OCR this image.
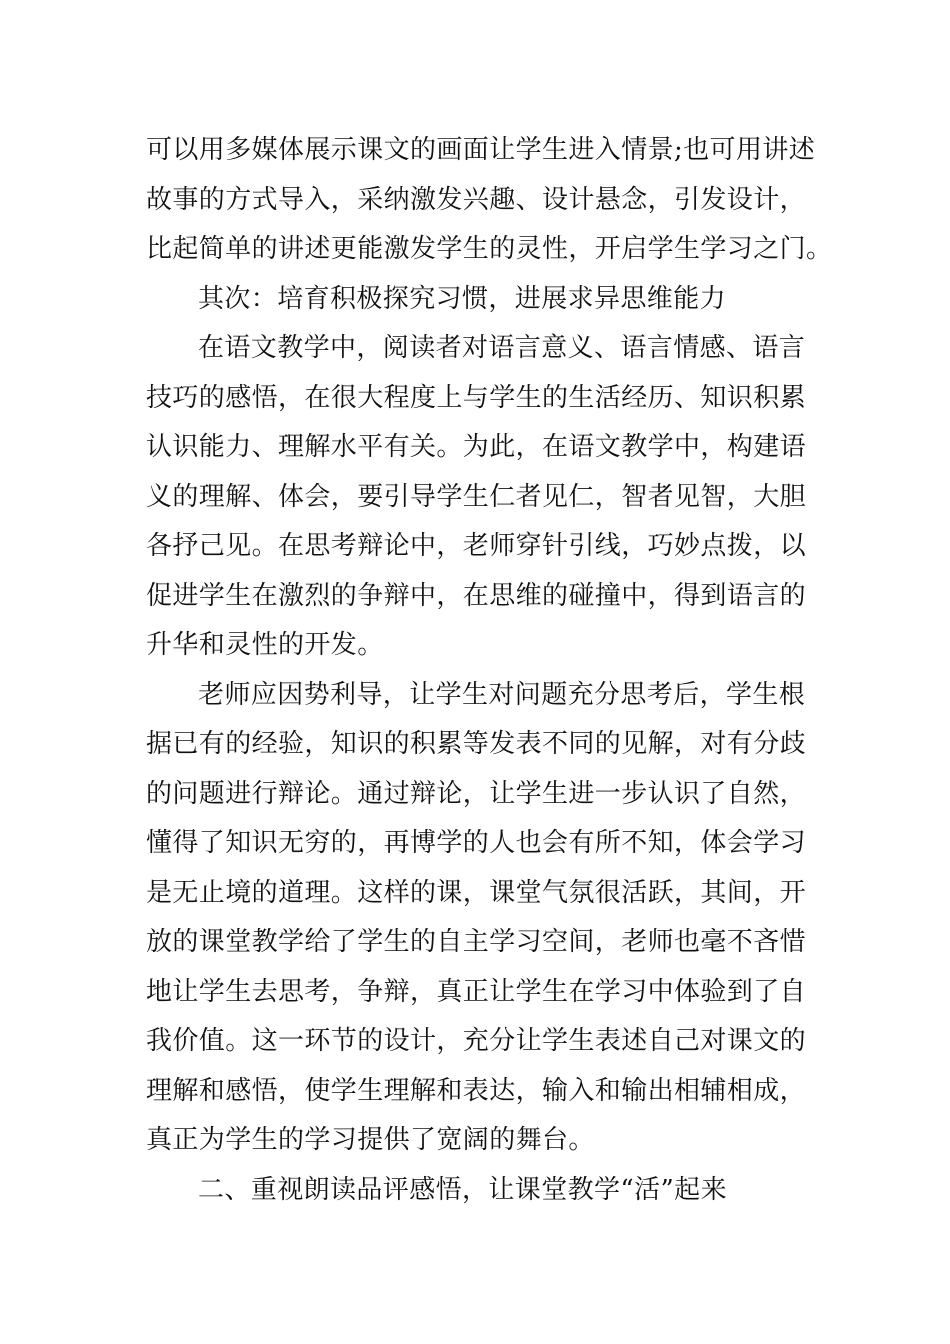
可以用多媒体展示课文的画面让学生进入情景;也可用讲述
故事的方式导入，采纳激发兴趣、设计悬念，引发设计，
比起简单的讲述更能激发学生的灵性，开启学生学习之门。

其次：培育积极探究习惯，进展求异思维能力

在语文教学中，阅读者对语言意义、语言情感、语言
技巧的感悟，在很大程度上与学生的生活经历、知识积累
认识能力、理解水平有关。为此，在语文教学中，构建语
义的理解、体会，要引导学生仁者见仁，智者见智，大胆
各抒己见。在思考辩论中，老师穿针引线，巧妙点拨，以
促进学生在激烈的争辩中，在思维的碰撞中，得到语言的
升华和灵性的开发。

老师应因势利导，让学生对问题充分思考后，学生根
据已有的经验，知识的积累等发表不同的见解，对有分歧
的问题进行辩论。通过辩论，让学生进一步认识了自然，
懂得了知识无穷的，再博学的人也会有所不知，体会学习
是无止境的道理。这样的课，课堂气氛很活跃，其间，开
放的课堂教学给了学生的自主学习空间，老师也毫不吝惜
地让学生去思考，争辩，真正让学生在学习中体验到了自
我价值。这一环节的设计，充分让学生表述自己对课文的
理解和感悟，使学生理解和表达，输入和输出相辅相成，
真正为学生的学习提供了宽阔的舞台。

二、重视朗读品评感悟，让课堂教学“活”起来
